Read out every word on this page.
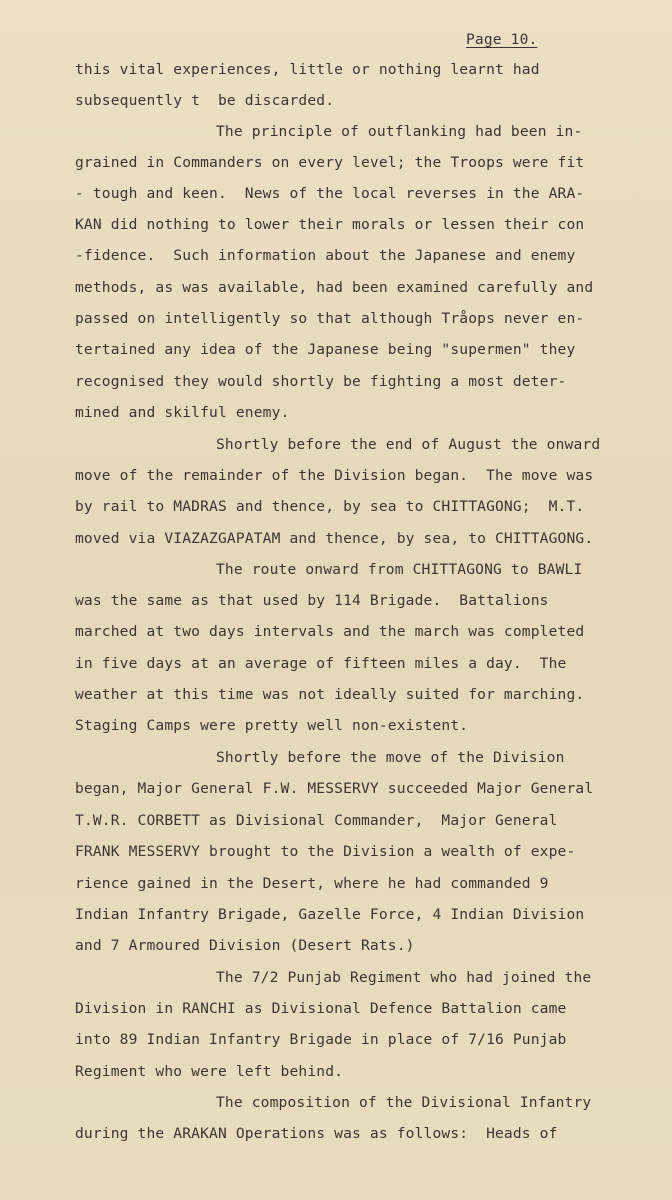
Page 10.
this vital experiences, little or nothing learnt had
subsequently t  be discarded.
The principle of outflanking had been in-
grained in Commanders on every level; the Troops were fit
- tough and keen.  News of the local reverses in the ARA-
KAN did nothing to lower their morals or lessen their con
-fidence.  Such information about the Japanese and enemy
methods, as was available, had been examined carefully and
passed on intelligently so that although Tråops never en-
tertained any idea of the Japanese being "supermen" they
recognised they would shortly be fighting a most deter-
mined and skilful enemy.
Shortly before the end of August the onward
move of the remainder of the Division began.  The move was
by rail to MADRAS and thence, by sea to CHITTAGONG;  M.T.
moved via VIAZAZGAPATAM and thence, by sea, to CHITTAGONG.
The route onward from CHITTAGONG to BAWLI
was the same as that used by 114 Brigade.  Battalions
marched at two days intervals and the march was completed
in five days at an average of fifteen miles a day.  The
weather at this time was not ideally suited for marching.
Staging Camps were pretty well non-existent.
Shortly before the move of the Division
began, Major General F.W. MESSERVY succeeded Major General
T.W.R. CORBETT as Divisional Commander,  Major General
FRANK MESSERVY brought to the Division a wealth of expe-
rience gained in the Desert, where he had commanded 9
Indian Infantry Brigade, Gazelle Force, 4 Indian Division
and 7 Armoured Division (Desert Rats.)
The 7/2 Punjab Regiment who had joined the
Division in RANCHI as Divisional Defence Battalion came
into 89 Indian Infantry Brigade in place of 7/16 Punjab
Regiment who were left behind.
The composition of the Divisional Infantry
during the ARAKAN Operations was as follows:  Heads of
